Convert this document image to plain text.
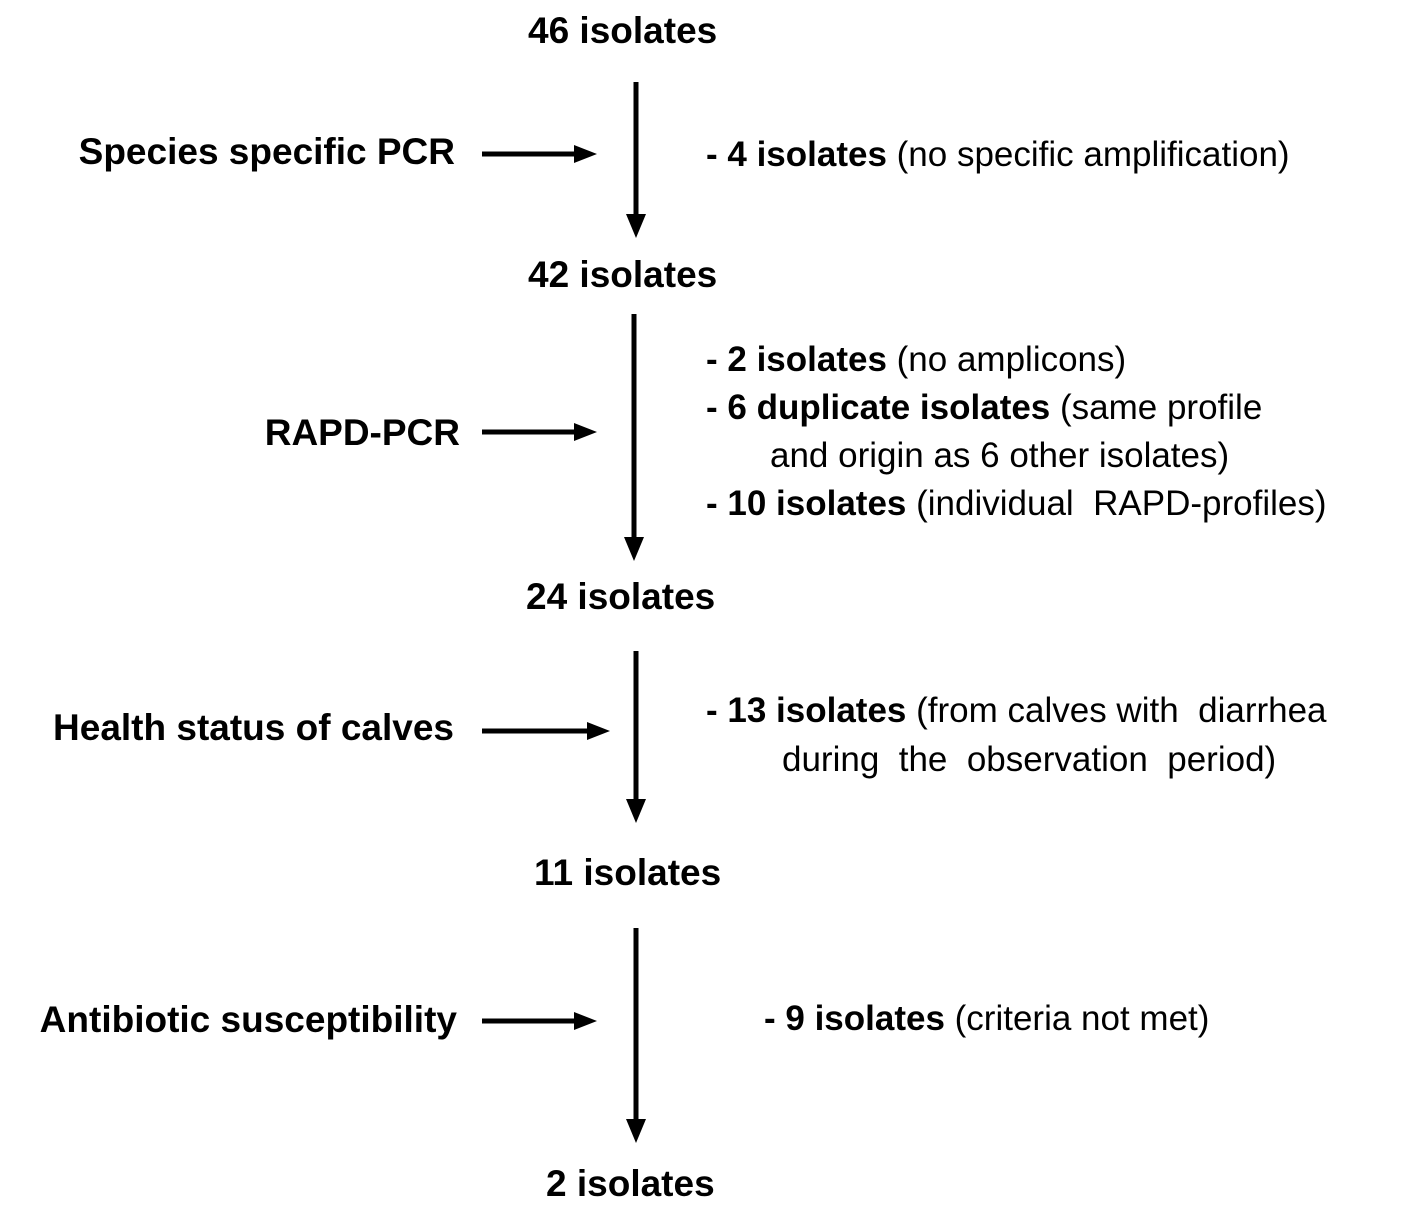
46 isolates
42 isolates
24 isolates
11 isolates
2 isolates
Species specific PCR
RAPD-PCR
Health status of calves
Antibiotic susceptibility
- 4 isolates (no specific amplification)
- 2 isolates (no amplicons)
- 6 duplicate isolates (same profile
and origin as 6 other isolates)
- 10 isolates (individual  RAPD-profiles)
- 13 isolates (from calves with  diarrhea
during  the  observation  period)
- 9 isolates (criteria not met)
